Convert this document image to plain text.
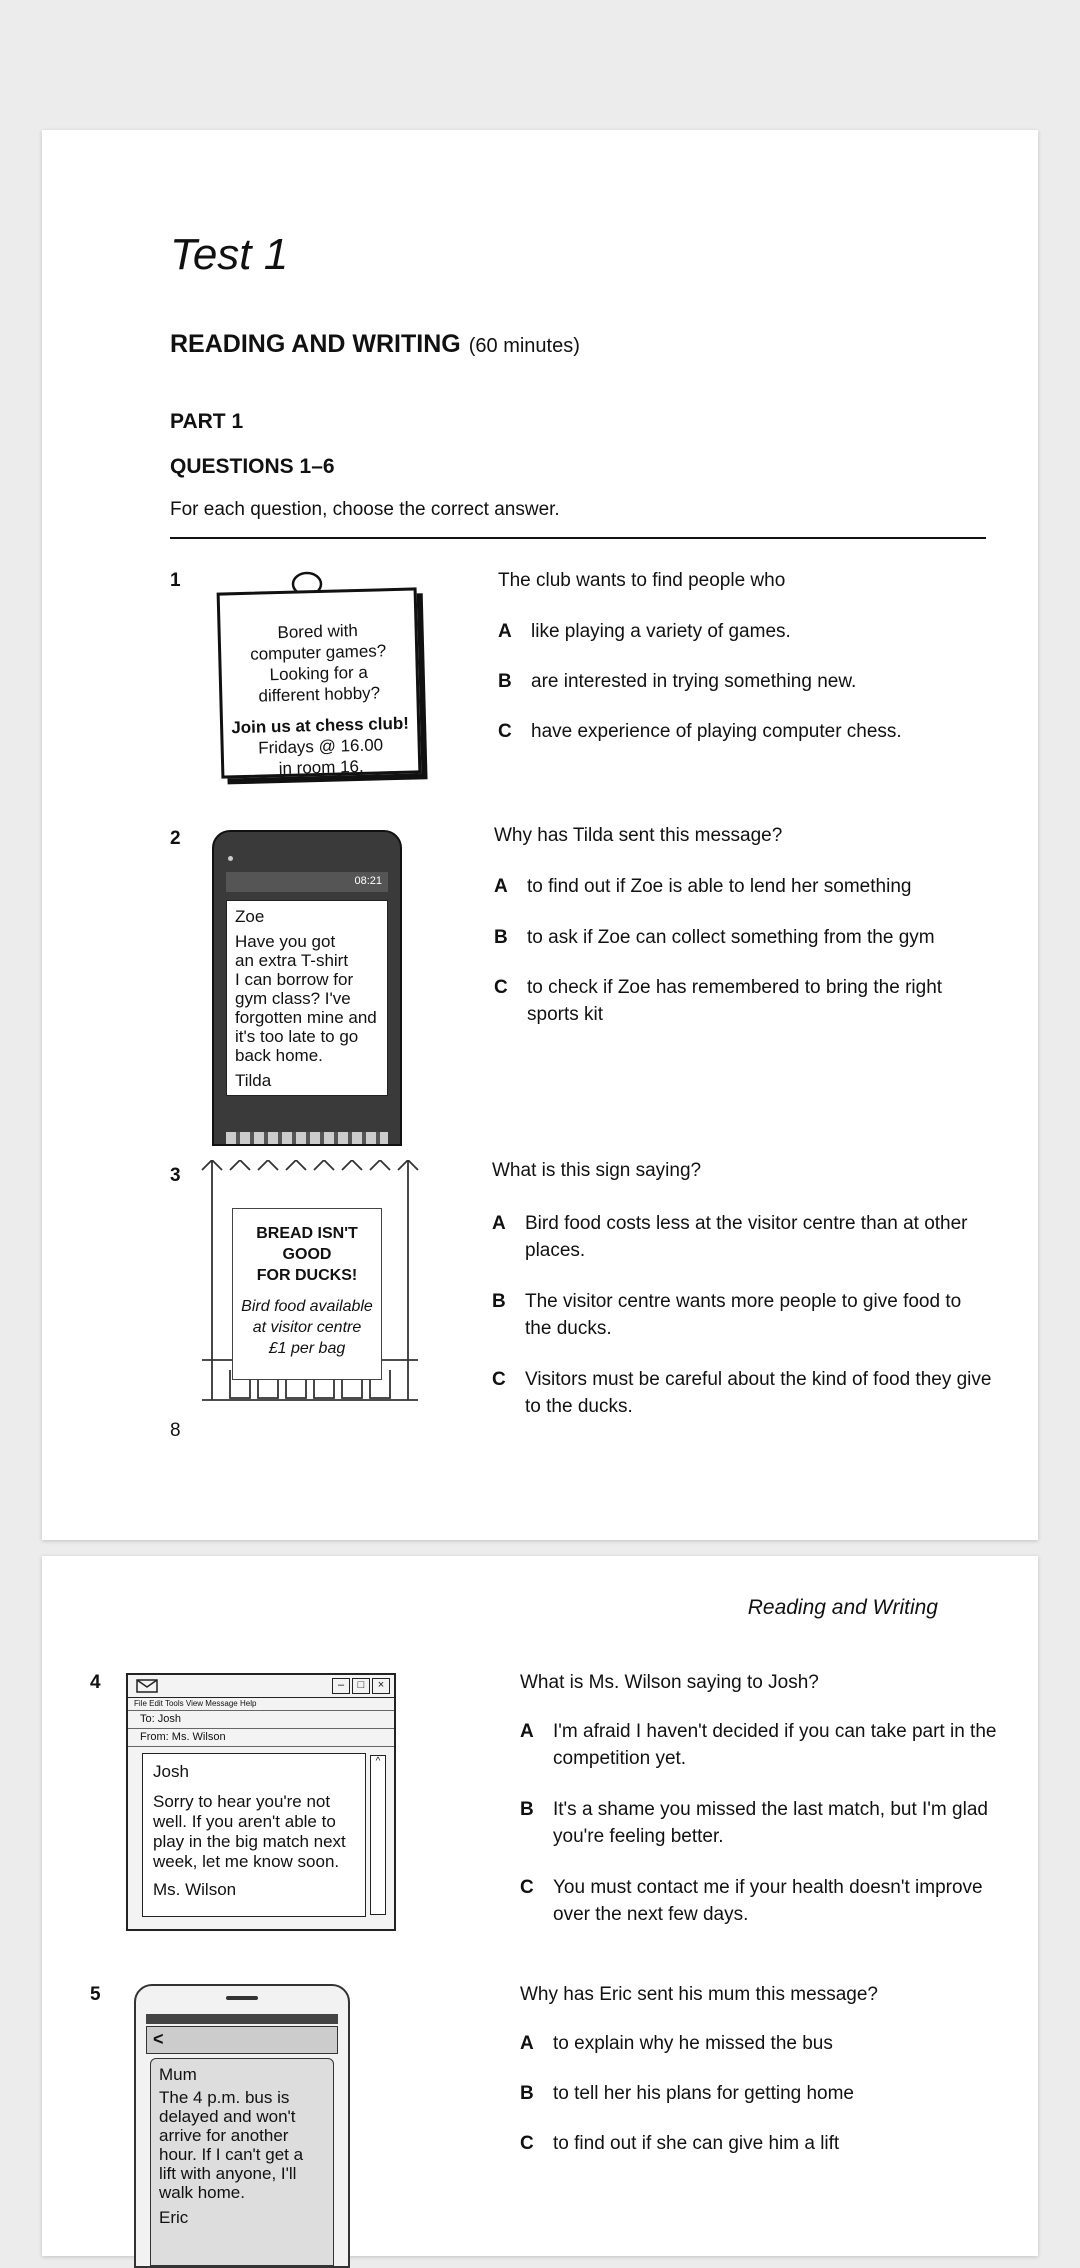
Test 1
READING AND WRITING (60 minutes)
PART 1
QUESTIONS 1–6
For each question, choose the correct answer.
1
Bored with
computer games?
Looking for a
different hobby?
Join us at chess club!
Fridays @ 16.00
in room 16.
The club wants to find people who
A like playing a variety of games.
B are interested in trying something new.
C have experience of playing computer chess.
2
08:21
Zoe
Have you got
an extra T-shirt
I can borrow for
gym class? I've
forgotten mine and
it's too late to go
back home.
Tilda
Why has Tilda sent this message?
A to find out if Zoe is able to lend her something
B to ask if Zoe can collect something from the gym
C to check if Zoe has remembered to bring the right sports kit
3
BREAD ISN'T
GOOD
FOR DUCKS!
Bird food available
at visitor centre
£1 per bag
What is this sign saying?
A Bird food costs less at the visitor centre than at other places.
B The visitor centre wants more people to give food to the ducks.
C Visitors must be careful about the kind of food they give to the ducks.
8
Reading and Writing
4	–	□	×
File Edit Tools View Message Help
To: Josh
From: Ms. Wilson
Josh
Sorry to hear you're not
well. If you aren't able to
play in the big match next
week, let me know soon.
Ms. Wilson
^
What is Ms. Wilson saying to Josh?
A I'm afraid I haven't decided if you can take part in the competition yet.
B It's a shame you missed the last match, but I'm glad you're feeling better.
C You must contact me if your health doesn't improve over the next few days.
5
<
Mum
The 4 p.m. bus is
delayed and won't
arrive for another
hour. If I can't get a
lift with anyone, I'll
walk home.
Eric
Why has Eric sent his mum this message?
A to explain why he missed the bus
B to tell her his plans for getting home
C to find out if she can give him a lift
